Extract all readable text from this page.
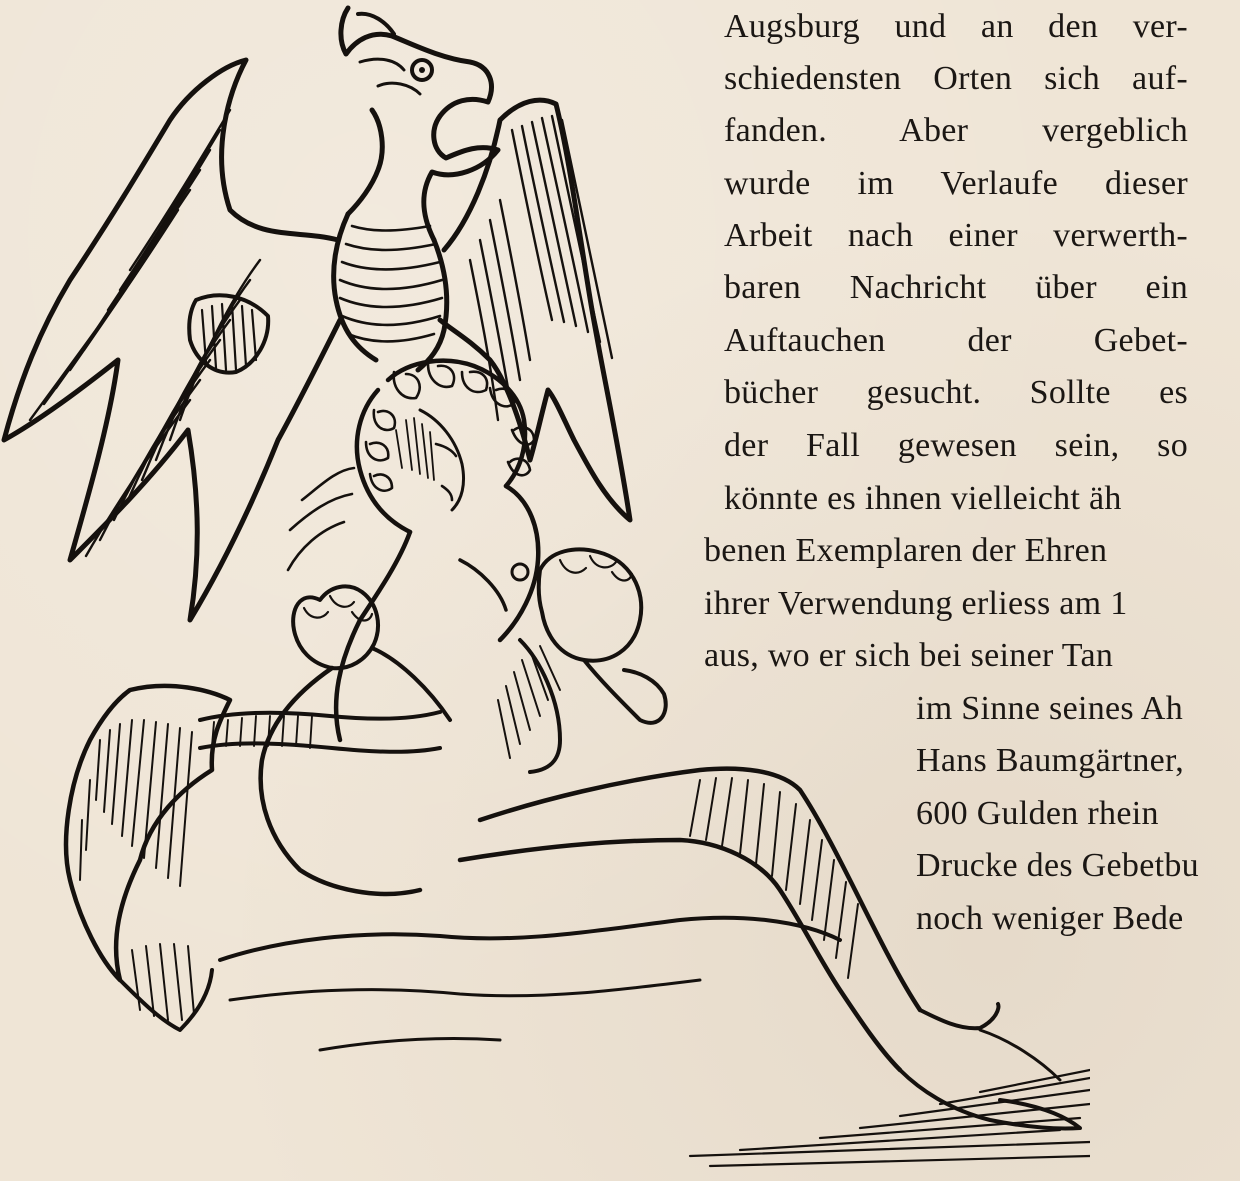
Augsburg und an den ver-
schiedensten Orten sich auf-
fanden. Aber vergeblich
wurde im Verlaufe dieser
Arbeit nach einer verwerth-
baren Nachricht über ein
Auftauchen der Gebet-
bücher gesucht. Sollte es
der Fall gewesen sein, so
könnte es ihnen vielleicht äh
benen Exemplaren der Ehren
ihrer Verwendung erliess am 1
aus, wo er sich bei seiner Tan
im Sinne seines Ah
Hans Baumgärtner,
600 Gulden rhein
Drucke des Gebetbu
noch weniger Bede
